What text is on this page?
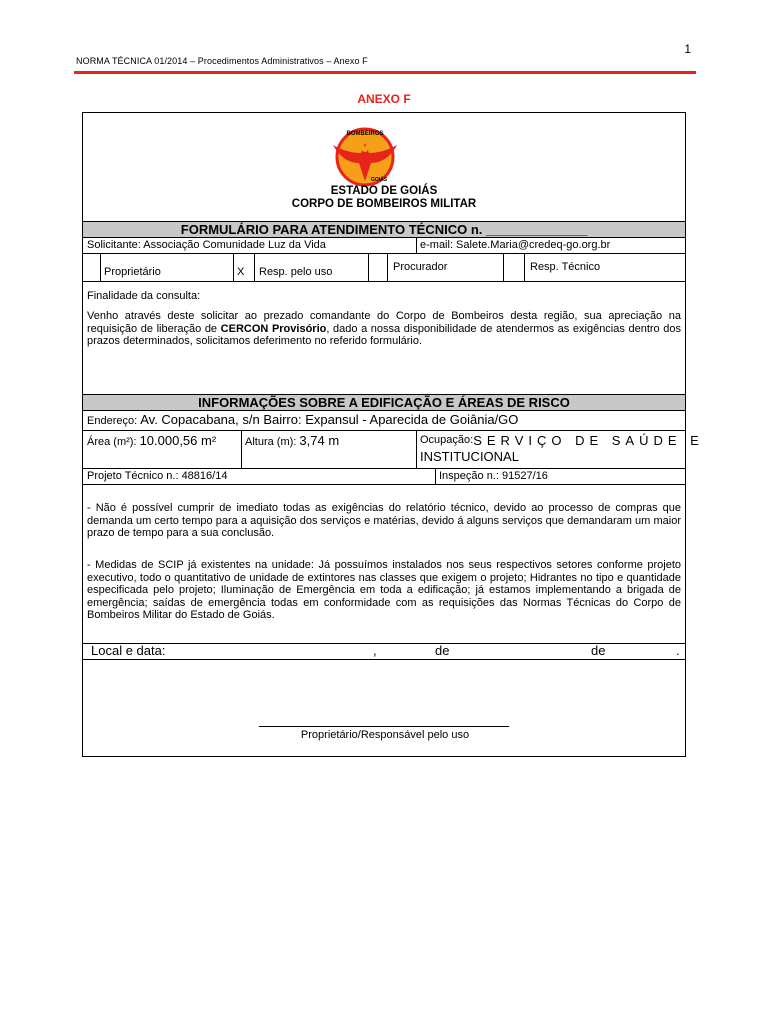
1
NORMA TÉCNICA 01/2014 – Procedimentos Administrativos – Anexo F
ANEXO F
BOMBEIROS
GOIÁS
ESTADO DE GOIÁS
CORPO DE BOMBEIROS MILITAR
FORMULÁRIO PARA ATENDIMENTO TÉCNICO n. ______________
Solicitante: Associação Comunidade Luz da Vida	e-mail: Salete.Maria@credeq-go.org.br
Proprietário	X Resp. pelo uso	Procurador	Resp. Técnico
Finalidade da consulta:
Venho através deste solicitar ao prezado comandante do Corpo de Bombeiros desta região, sua apreciação na requisição de liberação de CERCON Provisório, dado a nossa disponibilidade de atendermos as exigências dentro dos prazos determinados, solicitamos deferimento no referido formulário.
INFORMAÇÕES SOBRE A EDIFICAÇÃO E ÁREAS DE RISCO
Endereço: Av. Copacabana, s/n Bairro: Expansul - Aparecida de Goiânia/GO
Área (m²): 10.000,56 m²	Altura (m): 3,74 m	Ocupação: SERVIÇO DE SAÚDE E
INSTITUCIONAL
Projeto Técnico n.: 48816/14	Inspeção n.: 91527/16
- Não é possível cumprir de imediato todas as exigências do relatório técnico, devido ao processo de compras que demanda um certo tempo para a aquisição dos serviços e matérias, devido á alguns serviços que demandaram um maior prazo de tempo para a sua conclusão.
- Medidas de SCIP já existentes na unidade: Já possuímos instalados nos seus respectivos setores conforme projeto executivo, todo o quantitativo de unidade de extintores nas classes que exigem o projeto; Hidrantes no tipo e quantidade especificada pelo projeto; Iluminação de Emergência em toda a edificação; já estamos implementando a brigada de emergência; saídas de emergência todas em conformidade com as requisições das Normas Técnicas do Corpo de Bombeiros Militar do Estado de Goiás.
Local e data:	,	de	de	.
Proprietário/Responsável pelo uso
